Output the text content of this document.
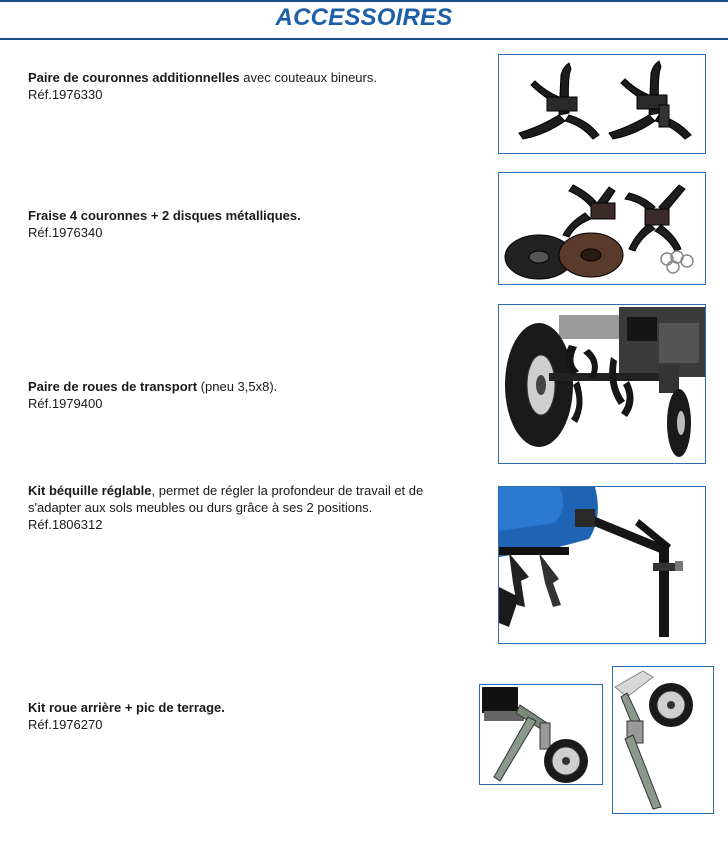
ACCESSOIRES
Paire de couronnes additionnelles avec couteaux bineurs.
Réf.1976330
Fraise 4 couronnes + 2 disques métalliques.
Réf.1976340
Paire de roues de transport (pneu 3,5x8).
Réf.1979400
Kit béquille réglable, permet de régler la profondeur de travail et de
s'adapter aux sols meubles ou durs grâce à ses 2 positions.
Réf.1806312
Kit roue arrière + pic de terrage.
Réf.1976270
